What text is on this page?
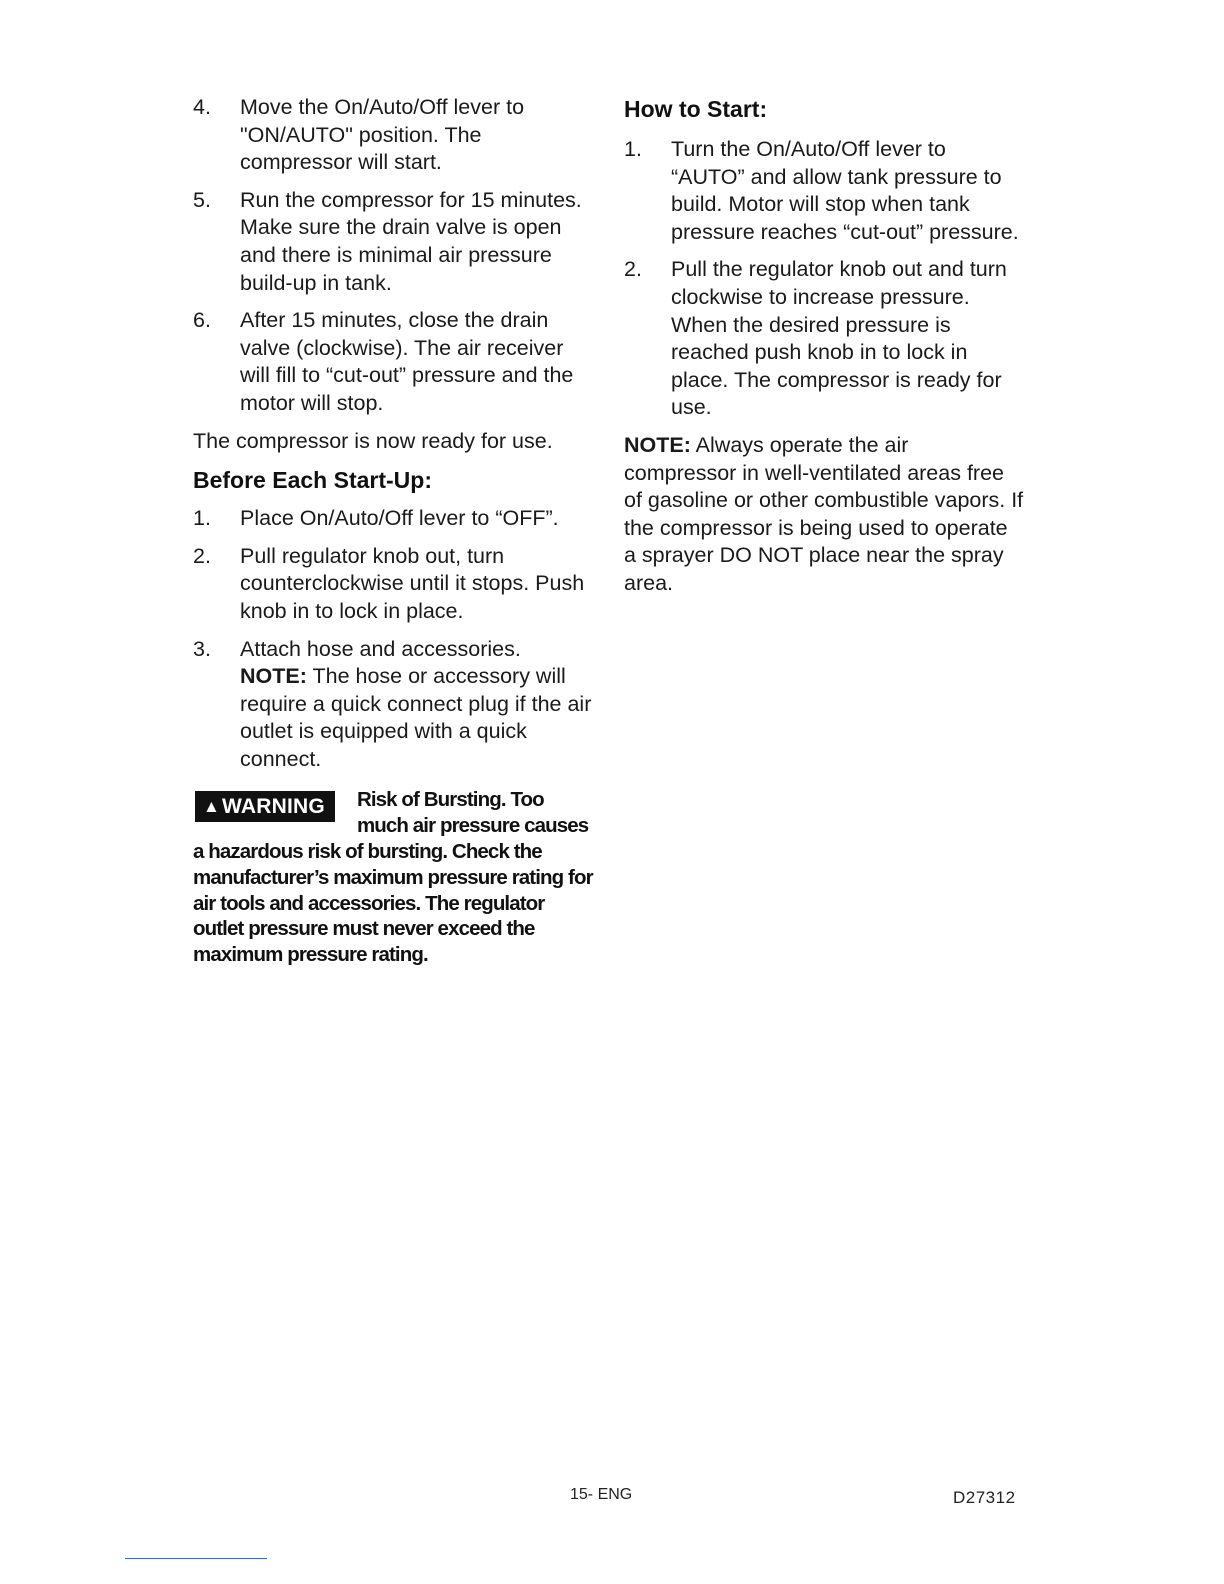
4. Move the On/Auto/Off lever to "ON/AUTO" position. The compressor will start.
5. Run the compressor for 15 minutes. Make sure the drain valve is open and there is minimal air pressure build-up in tank.
6. After 15 minutes, close the drain valve (clockwise). The air receiver will fill to “cut-out” pressure and the motor will stop.

The compressor is now ready for use.

Before Each Start-Up:
1. Place On/Auto/Off lever to “OFF”.
2. Pull regulator knob out, turn counterclockwise until it stops. Push knob in to lock in place.
3. Attach hose and accessories.
NOTE: The hose or accessory will require a quick connect plug if the air outlet is equipped with a quick connect.
▲WARNING	Risk of Bursting. Too much air pressure causes a hazardous risk of bursting. Check the manufacturer’s maximum pressure rating for air tools and accessories. The regulator outlet pressure must never exceed the maximum pressure rating.
How to Start:
1. Turn the On/Auto/Off lever to “AUTO” and allow tank pressure to build. Motor will stop when tank pressure reaches “cut-out” pressure.
2. Pull the regulator knob out and turn clockwise to increase pressure. When the desired pressure is reached push knob in to lock in place. The compressor is ready for use.

NOTE: Always operate the air compressor in well-ventilated areas free of gasoline or other combustible vapors. If the compressor is being used to operate a sprayer DO NOT place near the spray area.

15- ENG	D27312
